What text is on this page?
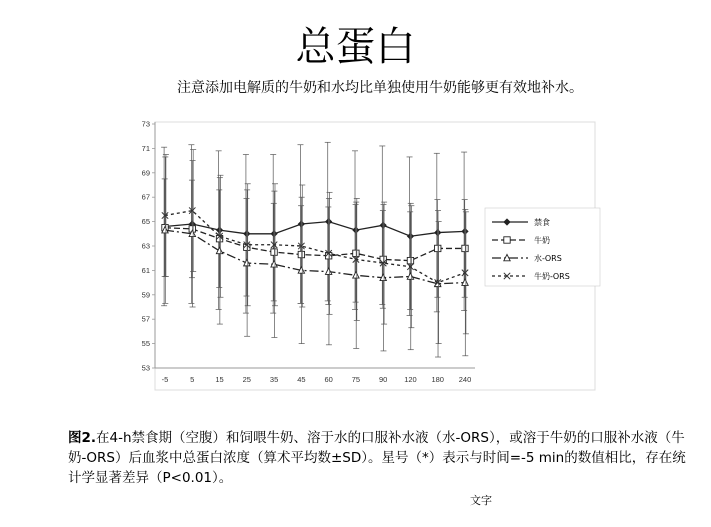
总蛋白
注意添加电解质的牛奶和水均比单独使用牛奶能够更有效地补水。
73
71
69
67
65
63
61
59
57
55
53
-5	5	15	25	35	45	60	75	90 120 180 240
禁食
牛奶
水-ORS
牛奶-ORS
图2.在4-h禁食期（空腹）和饲喂牛奶、溶于水的口服补水液（水-ORS），或溶于牛奶的口服补水液（牛奶-ORS）后血浆中总蛋白浓度（算术平均数±SD）。星号（*）表示与时间=-5 min的数值相比，存在统计学显著差异（P<0.01）。
文字
